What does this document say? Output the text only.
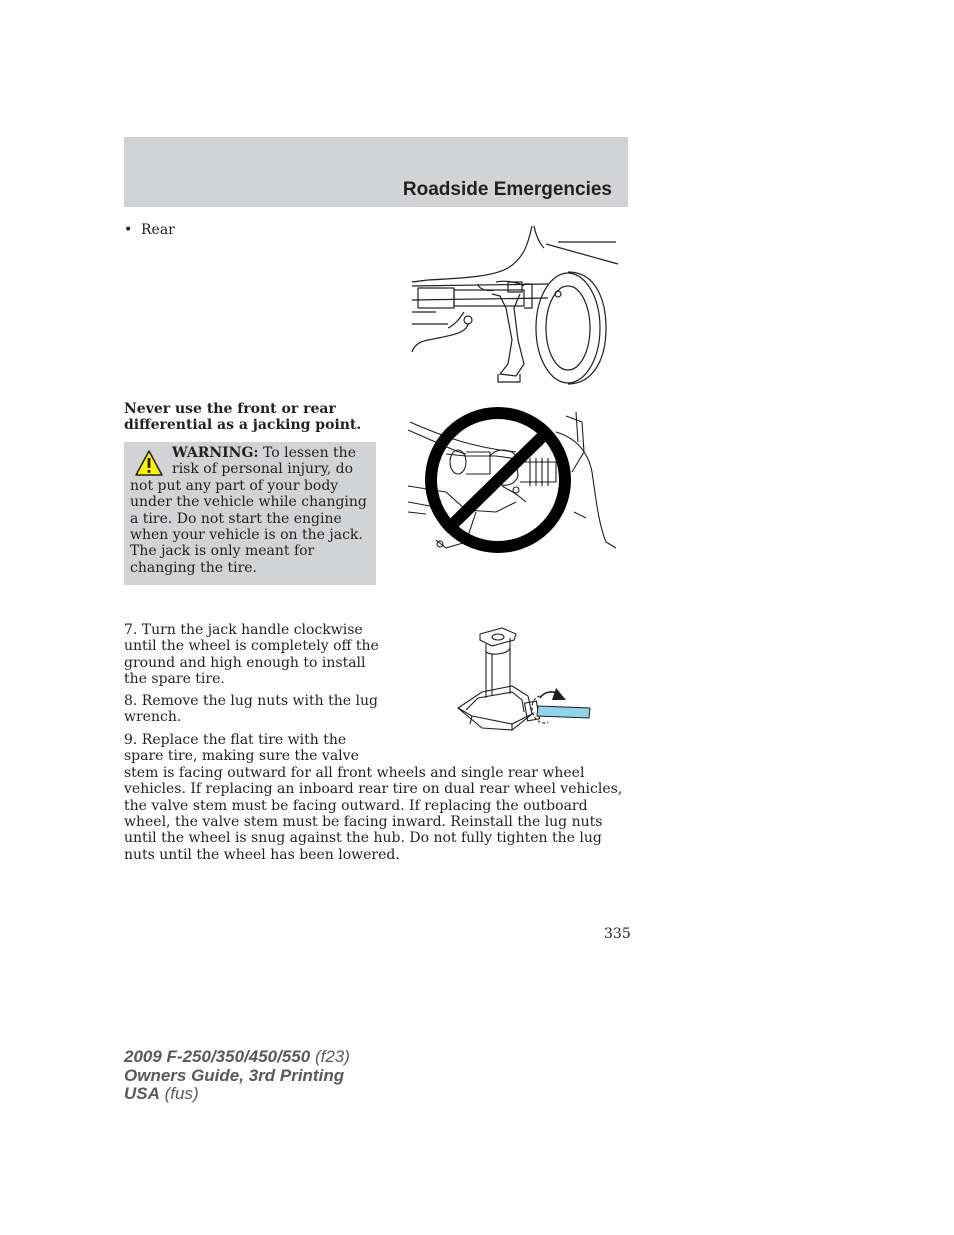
Roadside Emergencies
• Rear
Never use the front or rear differential as a jacking point.
WARNING: To lessen the risk of personal injury, do not put any part of your body under the vehicle while changing a tire. Do not start the engine when your vehicle is on the jack. The jack is only meant for changing the tire.
7. Turn the jack handle clockwise until the wheel is completely off the ground and high enough to install the spare tire.
8. Remove the lug nuts with the lug wrench.
9. Replace the flat tire with the spare tire, making sure the valve
stem is facing outward for all front wheels and single rear wheel vehicles. If replacing an inboard rear tire on dual rear wheel vehicles, the valve stem must be facing outward. If replacing the outboard wheel, the valve stem must be facing inward. Reinstall the lug nuts until the wheel is snug against the hub. Do not fully tighten the lug nuts until the wheel has been lowered.
335
2009 F-250/350/450/550 (f23)
Owners Guide, 3rd Printing
USA (fus)
